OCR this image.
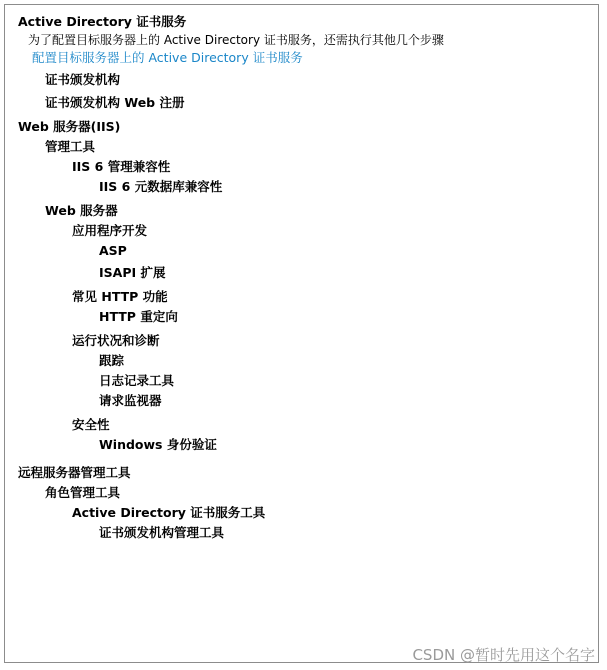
Active Directory 证书服务
为了配置目标服务器上的 Active Directory 证书服务，还需执行其他几个步骤
配置目标服务器上的 Active Directory 证书服务
证书颁发机构
证书颁发机构 Web 注册
Web 服务器(IIS)
管理工具
IIS 6 管理兼容性
IIS 6 元数据库兼容性
Web 服务器
应用程序开发
ASP
ISAPI 扩展
常见 HTTP 功能
HTTP 重定向
运行状况和诊断
跟踪
日志记录工具
请求监视器
安全性
Windows 身份验证
远程服务器管理工具
角色管理工具
Active Directory 证书服务工具
证书颁发机构管理工具
CSDN @暂时先用这个名字
